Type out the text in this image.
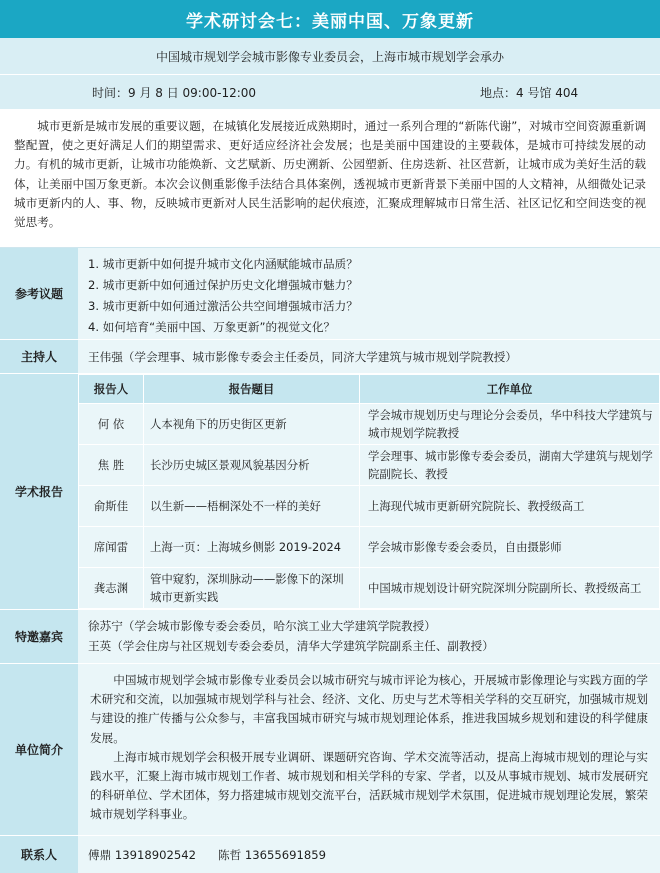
学术研讨会七：美丽中国、万象更新
中国城市规划学会城市影像专业委员会，上海市城市规划学会承办
时间：9 月 8 日 09:00-12:00	地点：4 号馆 404
城市更新是城市发展的重要议题，在城镇化发展接近成熟期时，通过一系列合理的“新陈代谢”，对城市空间资源重新调整配置，使之更好满足人们的期望需求、更好适应经济社会发展；也是美丽中国建设的主要载体，是城市可持续发展的动力。有机的城市更新，让城市功能焕新、文艺赋新、历史溯新、公园塑新、住房迭新、社区营新，让城市成为美好生活的载体，让美丽中国万象更新。本次会议侧重影像手法结合具体案例，透视城市更新背景下美丽中国的人文精神，从细微处记录城市更新内的人、事、物，反映城市更新对人民生活影响的起伏痕迹，汇聚成理解城市日常生活、社区记忆和空间迭变的视觉思考。
参考议题
1. 城市更新中如何提升城市文化内涵赋能城市品质？
2. 城市更新中如何通过保护历史文化增强城市魅力？
3. 城市更新中如何通过激活公共空间增强城市活力？
4. 如何培育“美丽中国、万象更新”的视觉文化？
主持人	王伟强（学会理事、城市影像专委会主任委员，同济大学建筑与城市规划学院教授）
学术报告
报告人	报告题目	工作单位
何 依	人本视角下的历史街区更新	学会城市规划历史与理论分会委员，华中科技大学建筑与城市规划学院教授
焦 胜	长沙历史城区景观风貌基因分析	学会理事、城市影像专委会委员，湖南大学建筑与规划学院副院长、教授
俞斯佳	以生新——梧桐深处不一样的美好	上海现代城市更新研究院院长、教授级高工
席闻雷	上海一页：上海城乡侧影 2019-2024	学会城市影像专委会委员，自由摄影师
龚志渊	管中窥豹，深圳脉动——影像下的深圳城市更新实践	中国城市规划设计研究院深圳分院副所长、教授级高工
特邀嘉宾
徐苏宁（学会城市影像专委会委员，哈尔滨工业大学建筑学院教授）
王英（学会住房与社区规划专委会委员，清华大学建筑学院副系主任、副教授）
单位简介

中国城市规划学会城市影像专业委员会以城市研究与城市评论为核心，开展城市影像理论与实践方面的学术研究和交流，以加强城市规划学科与社会、经济、文化、历史与艺术等相关学科的交互研究，加强城市规划与建设的推广传播与公众参与，丰富我国城市研究与城市规划理论体系，推进我国城乡规划和建设的科学健康发展。

上海市城市规划学会积极开展专业调研、课题研究咨询、学术交流等活动，提高上海城市规划的理论与实践水平，汇聚上海市城市规划工作者、城市规划和相关学科的专家、学者，以及从事城市规划、城市发展研究的科研单位、学术团体，努力搭建城市规划交流平台，活跃城市规划学术氛围，促进城市规划理论发展，繁荣城市规划学科事业。

联系人	傅鼎 13918902542 陈哲 13655691859
